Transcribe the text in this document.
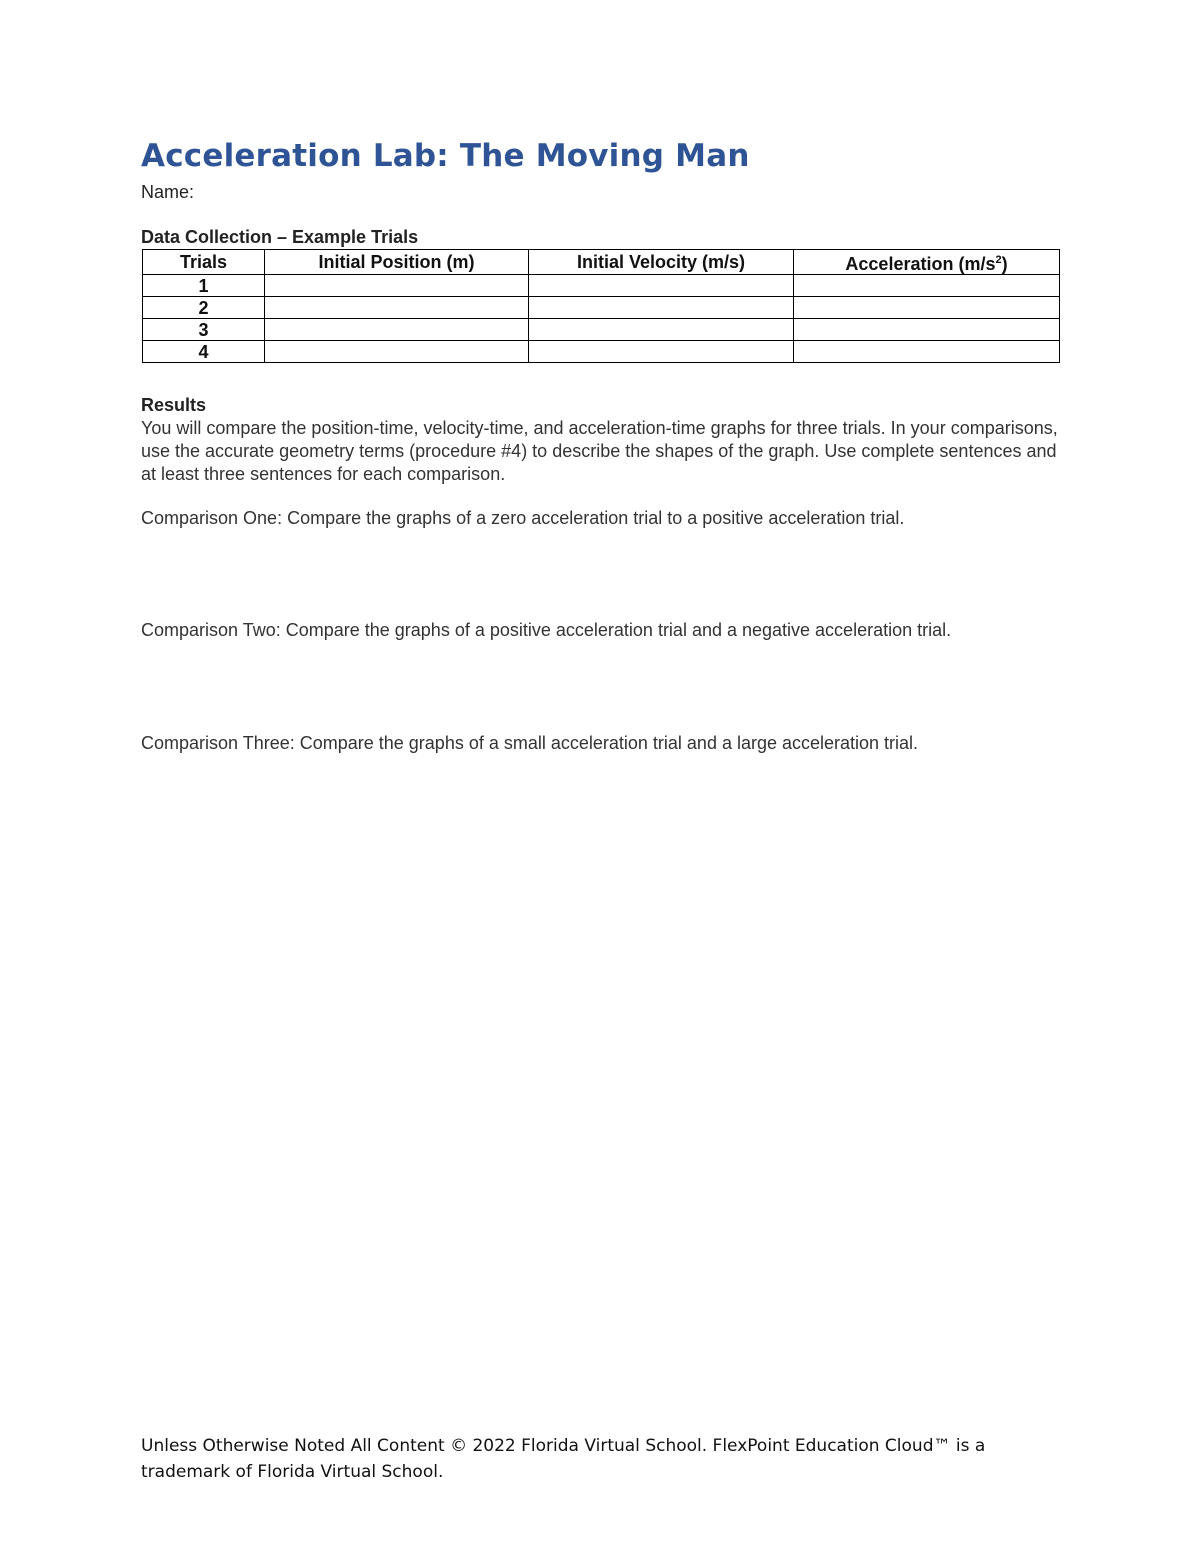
Acceleration Lab: The Moving Man
Name:
Data Collection – Example Trials
Trials	Initial Position (m)	Initial Velocity (m/s)	Acceleration $(m/s^2)$
1			
2			
3			
4			
Results
You will compare the position-time, velocity-time, and acceleration-time graphs for three trials. In your comparisons, use the accurate geometry terms (procedure #4) to describe the shapes of the graph. Use complete sentences and at least three sentences for each comparison.
Comparison One: Compare the graphs of a zero acceleration trial to a positive acceleration trial.
Comparison Two: Compare the graphs of a positive acceleration trial and a negative acceleration trial.
Comparison Three: Compare the graphs of a small acceleration trial and a large acceleration trial.
Unless Otherwise Noted All Content © 2022 Florida Virtual School. FlexPoint Education Cloud™ is a trademark of Florida Virtual School.
